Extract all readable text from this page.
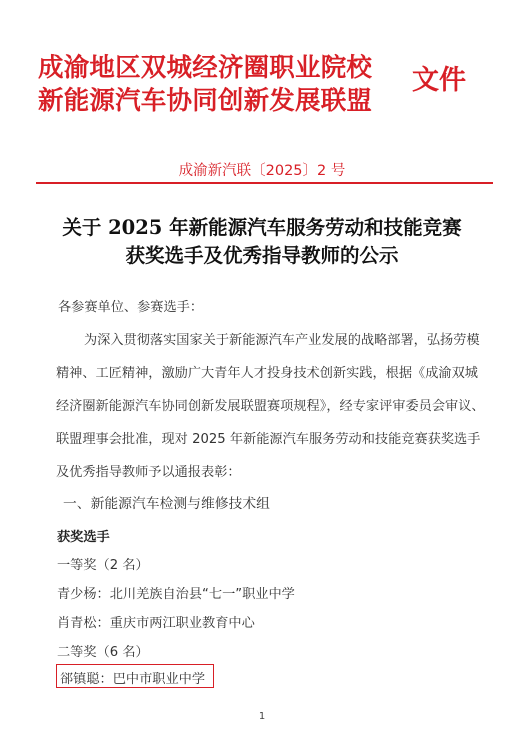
成渝地区双城经济圈职业院校
新能源汽车协同创新发展联盟
文件
成渝新汽联〔2025〕2 号
关于 2025 年新能源汽车服务劳动和技能竞赛
获奖选手及优秀指导教师的公示
各参赛单位、参赛选手：
为深入贯彻落实国家关于新能源汽车产业发展的战略部署，弘扬劳模
精神、工匠精神，激励广大青年人才投身技术创新实践，根据《成渝双城
经济圈新能源汽车协同创新发展联盟赛项规程》，经专家评审委员会审议、
联盟理事会批准，现对 2025 年新能源汽车服务劳动和技能竞赛获奖选手
及优秀指导教师予以通报表彰：
一、新能源汽车检测与维修技术组
获奖选手
一等奖（2 名）
青少杨：北川羌族自治县“七一”职业中学
肖青松：重庆市两江职业教育中心
二等奖（6 名）
郤镇聪：巴中市职业中学
1
